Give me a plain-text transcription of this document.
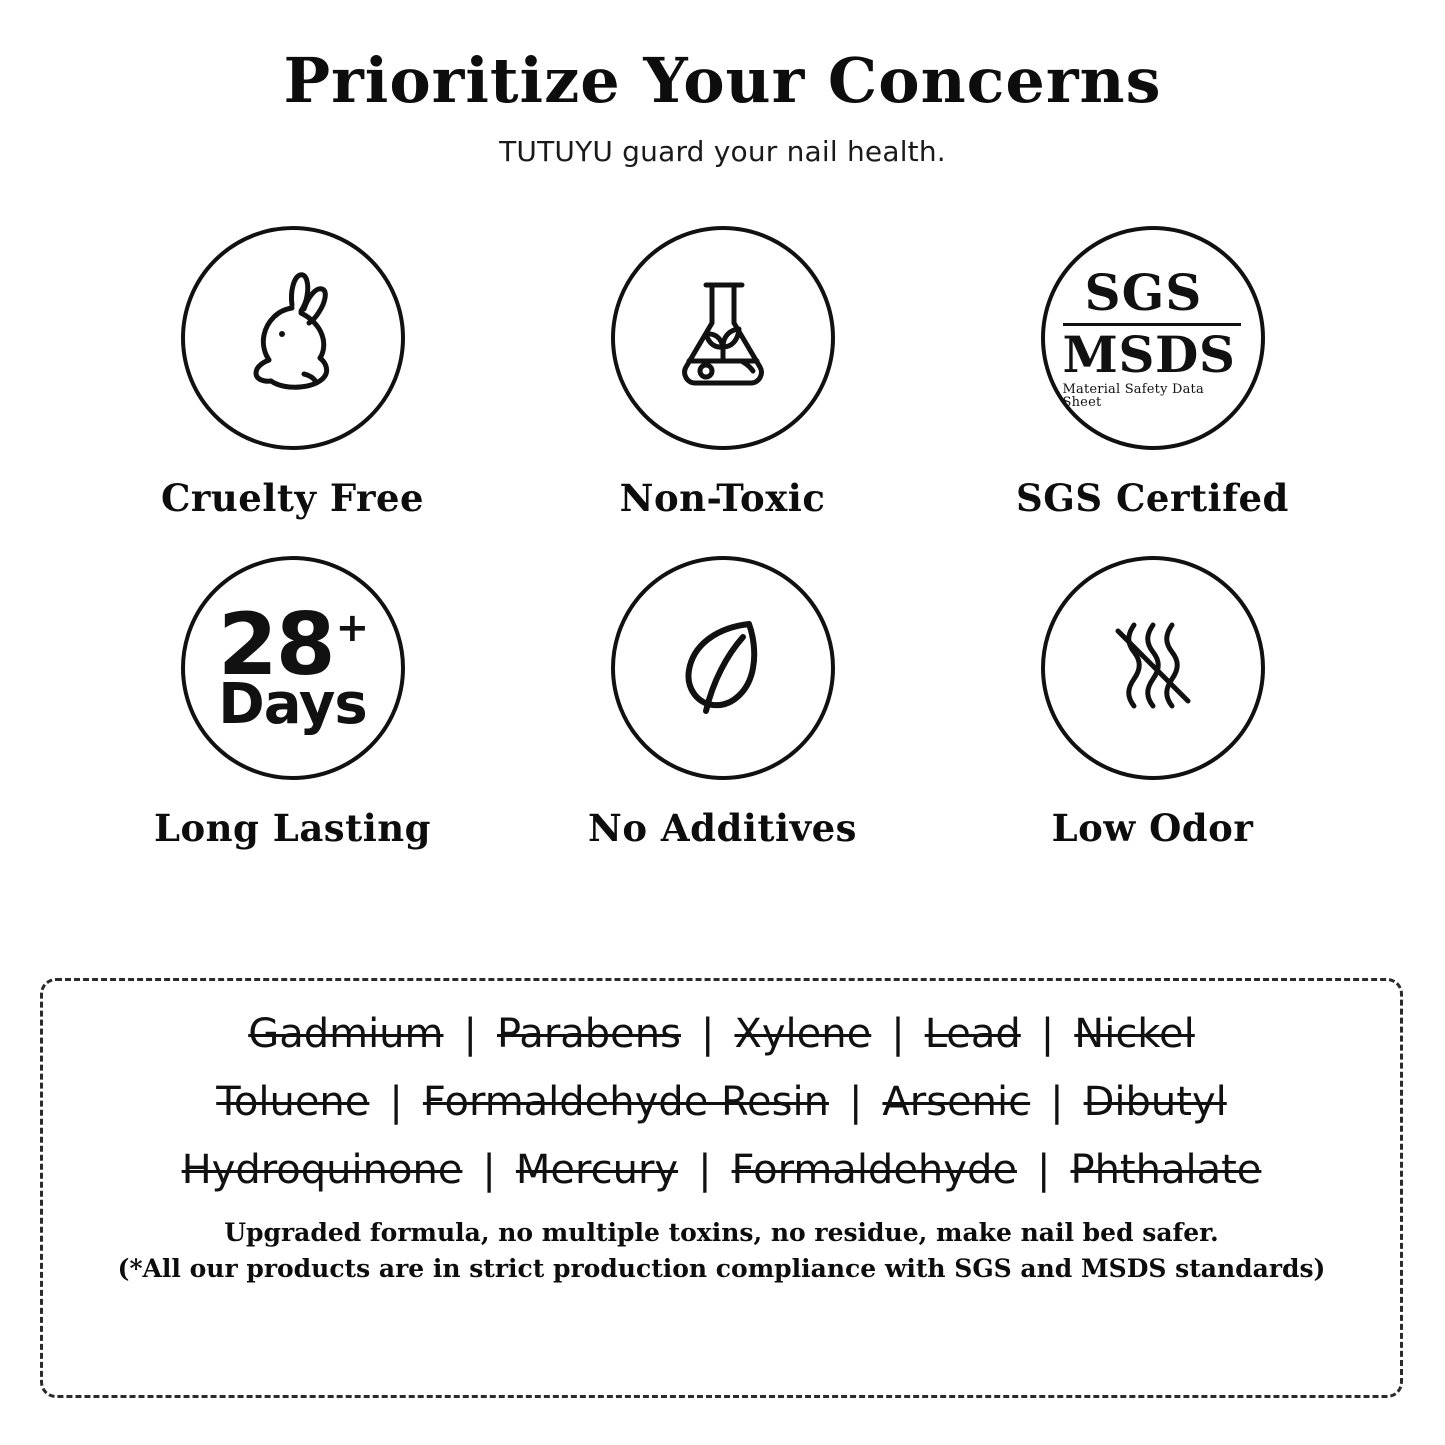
Prioritize Your Concerns
TUTUYU guard your nail health.
Cruelty Free	Non-Toxic
SGS
MSDS
Material Safety Data Sheet
SGS Certifed
28+
Days
Long Lasting	No Additives	Low Odor
Gadmium | Parabens | Xylene | Lead | Nickel
Toluene | Formaldehyde Resin | Arsenic | Dibutyl
Hydroquinone | Mercury | Formaldehyde | Phthalate
Upgraded formula, no multiple toxins, no residue, make nail bed safer.
(*All our products are in strict production compliance with SGS and MSDS standards)
